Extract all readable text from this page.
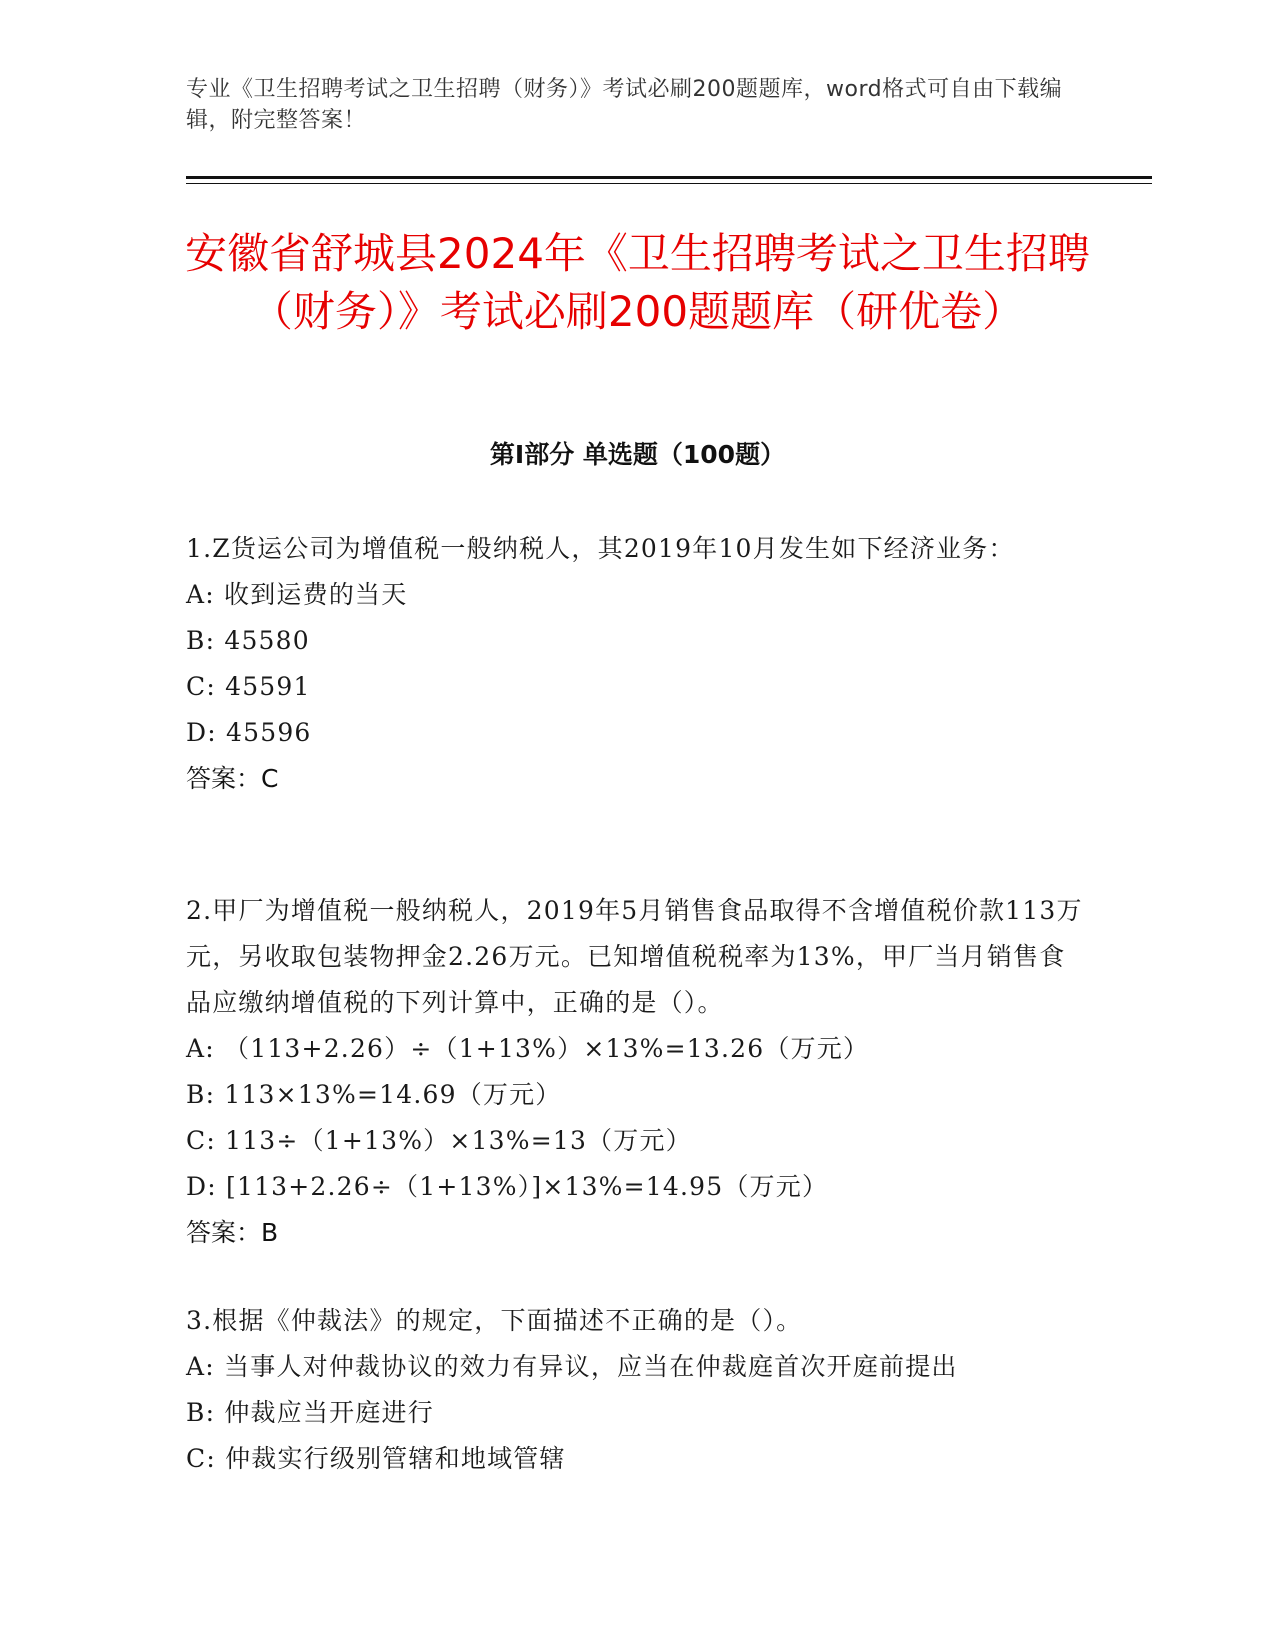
专业《卫生招聘考试之卫生招聘（财务）》考试必刷200题题库，word格式可自由下载编辑，附完整答案！
安徽省舒城县2024年《卫生招聘考试之卫生招聘（财务）》考试必刷200题题库（研优卷）
第Ⅰ部分 单选题（100题）

1.Z货运公司为增值税一般纳税人，其2019年10月发生如下经济业务：

A: 收到运费的当天

B: 45580

C: 45591

D: 45596

答案：C

2.甲厂为增值税一般纳税人，2019年5月销售食品取得不含增值税价款113万元，另收取包装物押金2.26万元。已知增值税税率为13%，甲厂当月销售食品应缴纳增值税的下列计算中，正确的是（）。

A: （113+2.26）÷（1+13%）×13%=13.26（万元）

B: 113×13%=14.69（万元）

C: 113÷（1+13%）×13%=13（万元）

D: [113+2.26÷（1+13%）]×13%=14.95（万元）

答案：B

3.根据《仲裁法》的规定，下面描述不正确的是（）。

A: 当事人对仲裁协议的效力有异议，应当在仲裁庭首次开庭前提出

B: 仲裁应当开庭进行

C: 仲裁实行级别管辖和地域管辖
